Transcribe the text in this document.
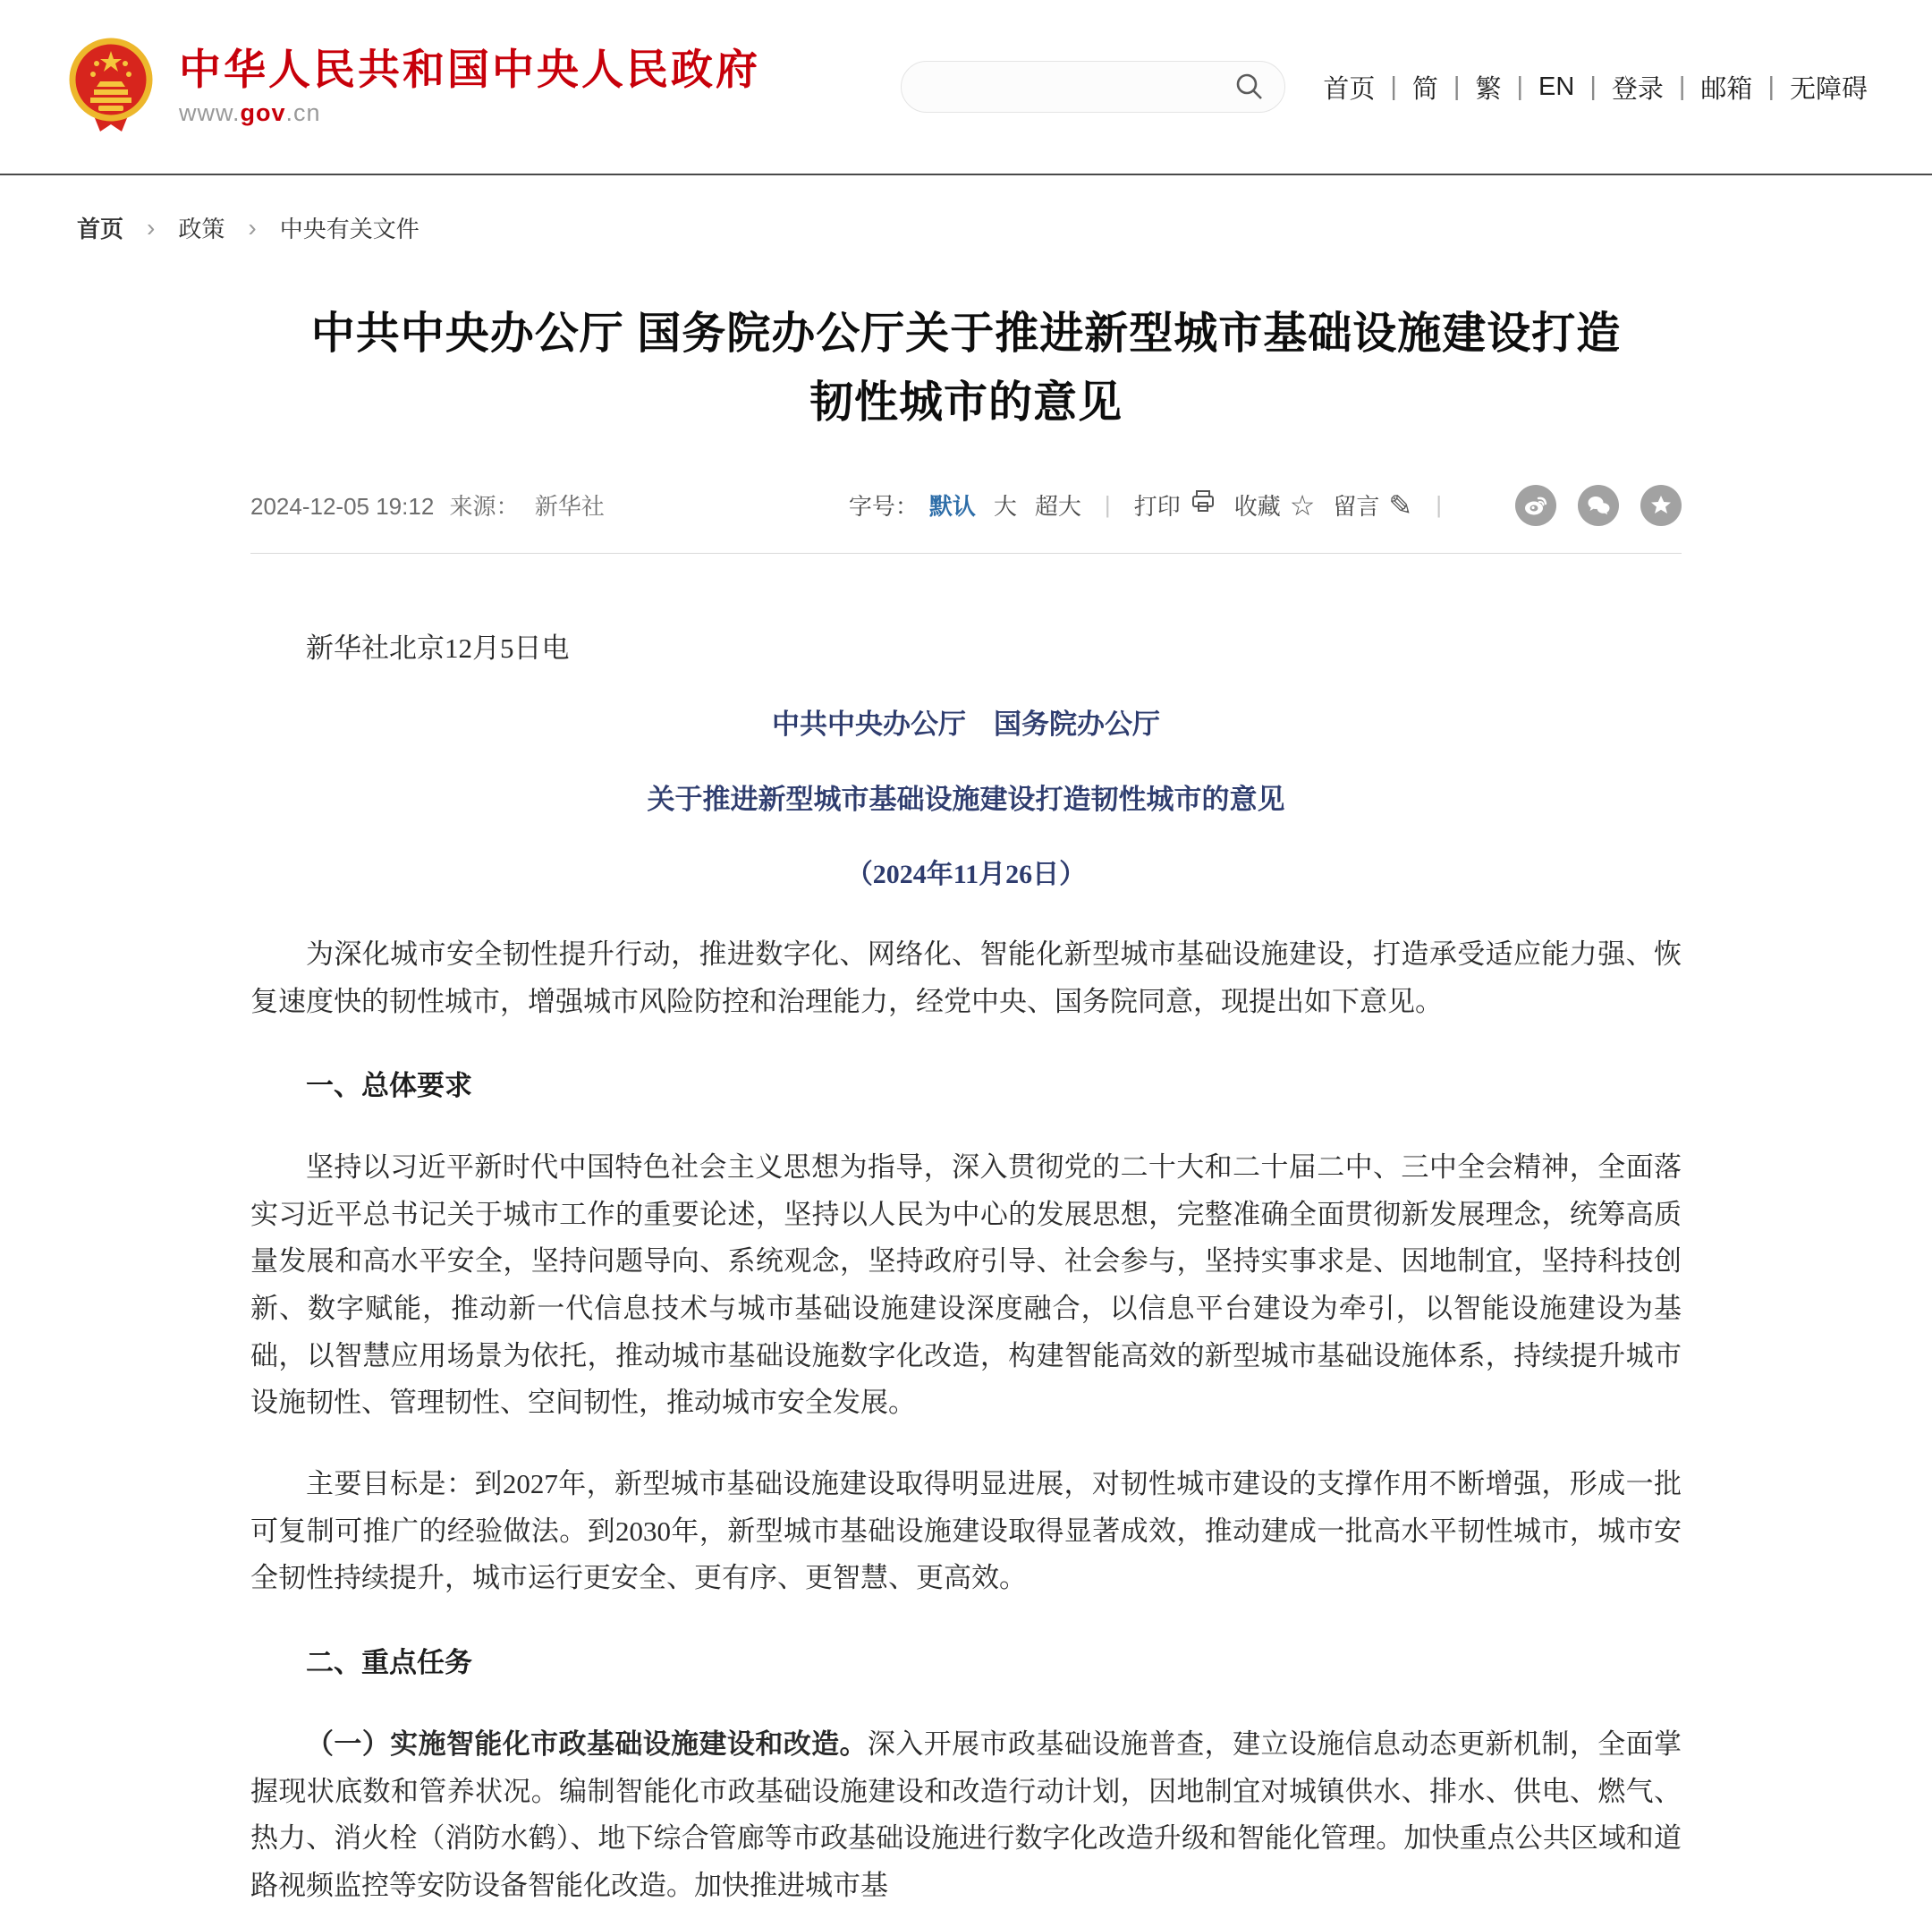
中华人民共和国中央人民政府
www.gov.cn
首页 | 简 | 繁 | EN | 登录 | 邮箱 | 无障碍
首页 › 政策 › 中央有关文件
中共中央办公厅 国务院办公厅关于推进新型城市基础设施建设打造韧性城市的意见
2024-12-05 19:12 来源： 新华社	字号： 默认 大 超大 | 打印 收藏 ☆ 留言 ✎ |

新华社北京12月5日电

中共中央办公厅　国务院办公厅

关于推进新型城市基础设施建设打造韧性城市的意见

（2024年11月26日）

为深化城市安全韧性提升行动，推进数字化、网络化、智能化新型城市基础设施建设，打造承受适应能力强、恢复速度快的韧性城市，增强城市风险防控和治理能力，经党中央、国务院同意，现提出如下意见。

一、总体要求

坚持以习近平新时代中国特色社会主义思想为指导，深入贯彻党的二十大和二十届二中、三中全会精神，全面落实习近平总书记关于城市工作的重要论述，坚持以人民为中心的发展思想，完整准确全面贯彻新发展理念，统筹高质量发展和高水平安全，坚持问题导向、系统观念，坚持政府引导、社会参与，坚持实事求是、因地制宜，坚持科技创新、数字赋能，推动新一代信息技术与城市基础设施建设深度融合，以信息平台建设为牵引，以智能设施建设为基础，以智慧应用场景为依托，推动城市基础设施数字化改造，构建智能高效的新型城市基础设施体系，持续提升城市设施韧性、管理韧性、空间韧性，推动城市安全发展。

主要目标是：到2027年，新型城市基础设施建设取得明显进展，对韧性城市建设的支撑作用不断增强，形成一批可复制可推广的经验做法。到2030年，新型城市基础设施建设取得显著成效，推动建成一批高水平韧性城市，城市安全韧性持续提升，城市运行更安全、更有序、更智慧、更高效。

二、重点任务

（一）实施智能化市政基础设施建设和改造。深入开展市政基础设施普查，建立设施信息动态更新机制，全面掌握现状底数和管养状况。编制智能化市政基础设施建设和改造行动计划，因地制宜对城镇供水、排水、供电、燃气、热力、消火栓（消防水鹤）、地下综合管廊等市政基础设施进行数字化改造升级和智能化管理。加快重点公共区域和道路视频监控等安防设备智能化改造。加快推进城市基
